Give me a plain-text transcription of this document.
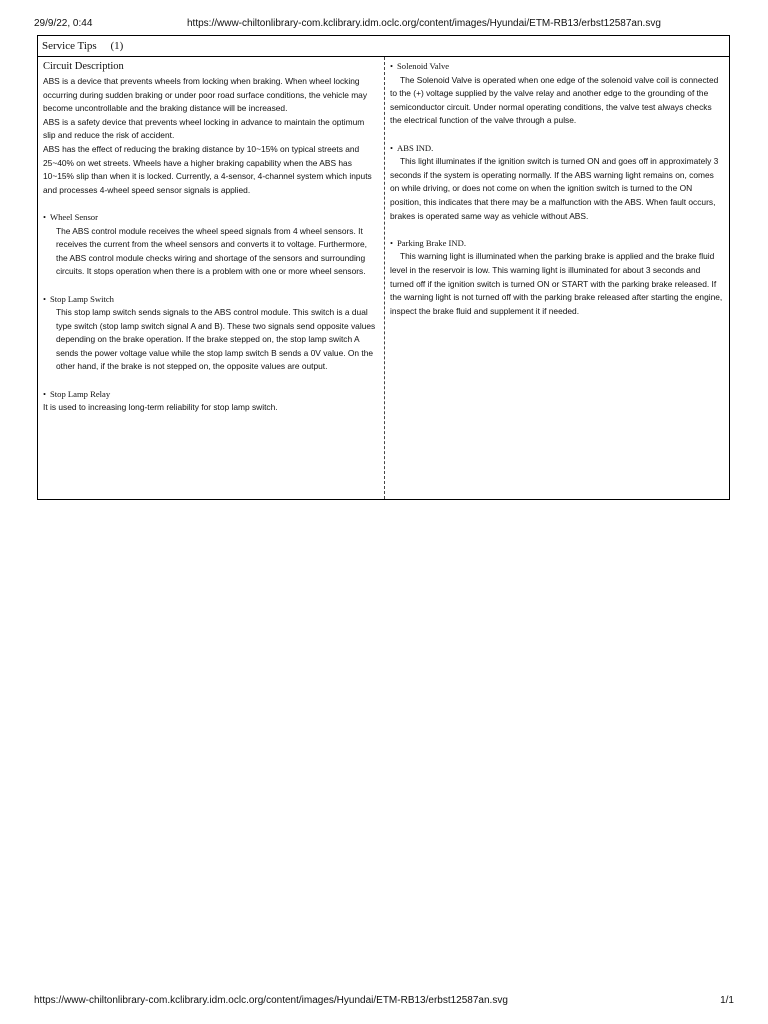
29/9/22, 0:44	https://www-chiltonlibrary-com.kclibrary.idm.oclc.org/content/images/Hyundai/ETM-RB13/erbst12587an.svg
Service Tips     (1)
Circuit Description

ABS is a device that prevents wheels from locking when braking. When wheel locking occurring during sudden braking or under poor road surface conditions, the vehicle may become uncontrollable and the braking distance will be increased.

ABS is a safety device that prevents wheel locking in advance to maintain the optimum slip and reduce the risk of accident.

ABS has the effect of reducing the braking distance by 10~15% on typical streets and 25~40% on wet streets. Wheels have a higher braking capability when the ABS has 10~15% slip than when it is locked. Currently, a 4-sensor, 4-channel system which inputs and processes 4-wheel speed sensor signals is applied.

• Wheel Sensor

The ABS control module receives the wheel speed signals from 4 wheel sensors. It receives the current from the wheel sensors and converts it to voltage. Furthermore, the ABS control module checks wiring and shortage of the sensors and surrounding circuits. It stops operation when there is a problem with one or more wheel sensors.

• Stop Lamp Switch

This stop lamp switch sends signals to the ABS control module. This switch is a dual type switch (stop lamp switch signal A and B). These two signals send opposite values depending on the brake operation. If the brake stepped on, the stop lamp switch A sends the power voltage value while the stop lamp switch B sends a 0V value. On the other hand, if the brake is not stepped on, the opposite values are output.

• Stop Lamp Relay

It is used to increasing long-term reliability for stop lamp switch.

• Solenoid Valve

The Solenoid Valve is operated when one edge of the solenoid valve coil is connected to the (+) voltage supplied by the valve relay and another edge to the grounding of the semiconductor circuit. Under normal operating conditions, the valve test always checks the electrical function of the valve through a pulse.

• ABS IND.

This light illuminates if the ignition switch is turned ON and goes off in approximately 3 seconds if the system is operating normally. If the ABS warning light remains on, comes on while driving, or does not come on when the ignition switch is turned to the ON position, this indicates that there may be a malfunction with the ABS. When fault occurs, brakes is operated same way as vehicle without ABS.

• Parking Brake IND.

This warning light is illuminated when the parking brake is applied and the brake fluid level in the reservoir is low. This warning light is illuminated for about 3 seconds and turned off if the ignition switch is turned ON or START with the parking brake released. If the warning light is not turned off with the parking brake released after starting the engine, inspect the brake fluid and supplement it if needed.

https://www-chiltonlibrary-com.kclibrary.idm.oclc.org/content/images/Hyundai/ETM-RB13/erbst12587an.svg	1/1
